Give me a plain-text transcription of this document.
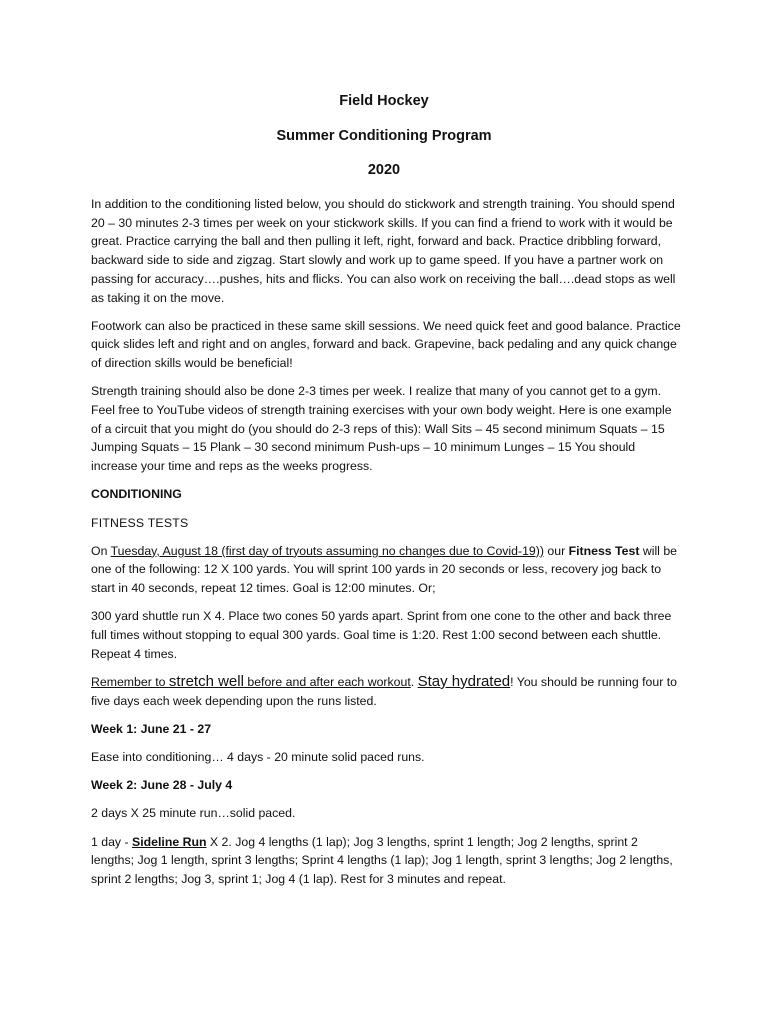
Field Hockey
Summer Conditioning Program
2020

In addition to the conditioning listed below, you should do stickwork and strength training. You should spend 20 – 30 minutes 2-3 times per week on your stickwork skills. If you can find a friend to work with it would be great. Practice carrying the ball and then pulling it left, right, forward and back. Practice dribbling forward, backward side to side and zigzag. Start slowly and work up to game speed. If you have a partner work on passing for accuracy….pushes, hits and flicks. You can also work on receiving the ball….dead stops as well as taking it on the move.

Footwork can also be practiced in these same skill sessions. We need quick feet and good balance. Practice quick slides left and right and on angles, forward and back. Grapevine, back pedaling and any quick change of direction skills would be beneficial!

Strength training should also be done 2-3 times per week. I realize that many of you cannot get to a gym. Feel free to YouTube videos of strength training exercises with your own body weight. Here is one example of a circuit that you might do (you should do 2-3 reps of this): Wall Sits – 45 second minimum Squats – 15 Jumping Squats – 15 Plank – 30 second minimum Push-ups – 10 minimum Lunges – 15 You should increase your time and reps as the weeks progress.

CONDITIONING

FITNESS TESTS

On Tuesday, August 18 (first day of tryouts assuming no changes due to Covid-19)) our Fitness Test will be one of the following: 12 X 100 yards. You will sprint 100 yards in 20 seconds or less, recovery jog back to start in 40 seconds, repeat 12 times. Goal is 12:00 minutes. Or;

300 yard shuttle run X 4. Place two cones 50 yards apart. Sprint from one cone to the other and back three full times without stopping to equal 300 yards. Goal time is 1:20. Rest 1:00 second between each shuttle. Repeat 4 times.

Remember to stretch well before and after each workout. Stay hydrated! You should be running four to five days each week depending upon the runs listed.

Week 1: June 21 - 27

Ease into conditioning… 4 days - 20 minute solid paced runs.

Week 2: June 28 - July 4

2 days X 25 minute run…solid paced.

1 day - Sideline Run X 2. Jog 4 lengths (1 lap); Jog 3 lengths, sprint 1 length; Jog 2 lengths, sprint 2 lengths; Jog 1 length, sprint 3 lengths; Sprint 4 lengths (1 lap); Jog 1 length, sprint 3 lengths; Jog 2 lengths, sprint 2 lengths; Jog 3, sprint 1; Jog 4 (1 lap). Rest for 3 minutes and repeat.
